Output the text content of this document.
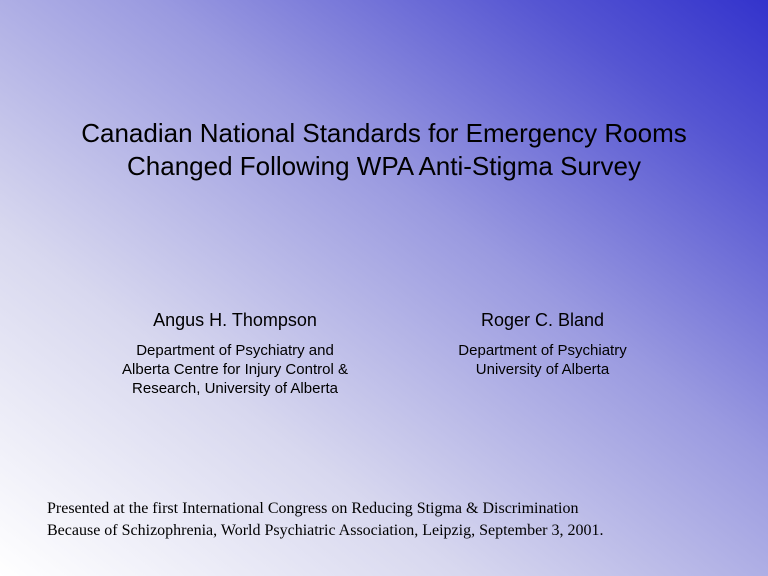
Canadian National Standards for Emergency Rooms
Changed Following WPA Anti-Stigma Survey
Angus H. Thompson
Department of Psychiatry and
Alberta Centre for Injury Control &
Research, University of Alberta
Roger C. Bland
Department of Psychiatry
University of Alberta
Presented at the first International Congress on Reducing Stigma & Discrimination
Because of Schizophrenia, World Psychiatric Association, Leipzig, September 3, 2001.
